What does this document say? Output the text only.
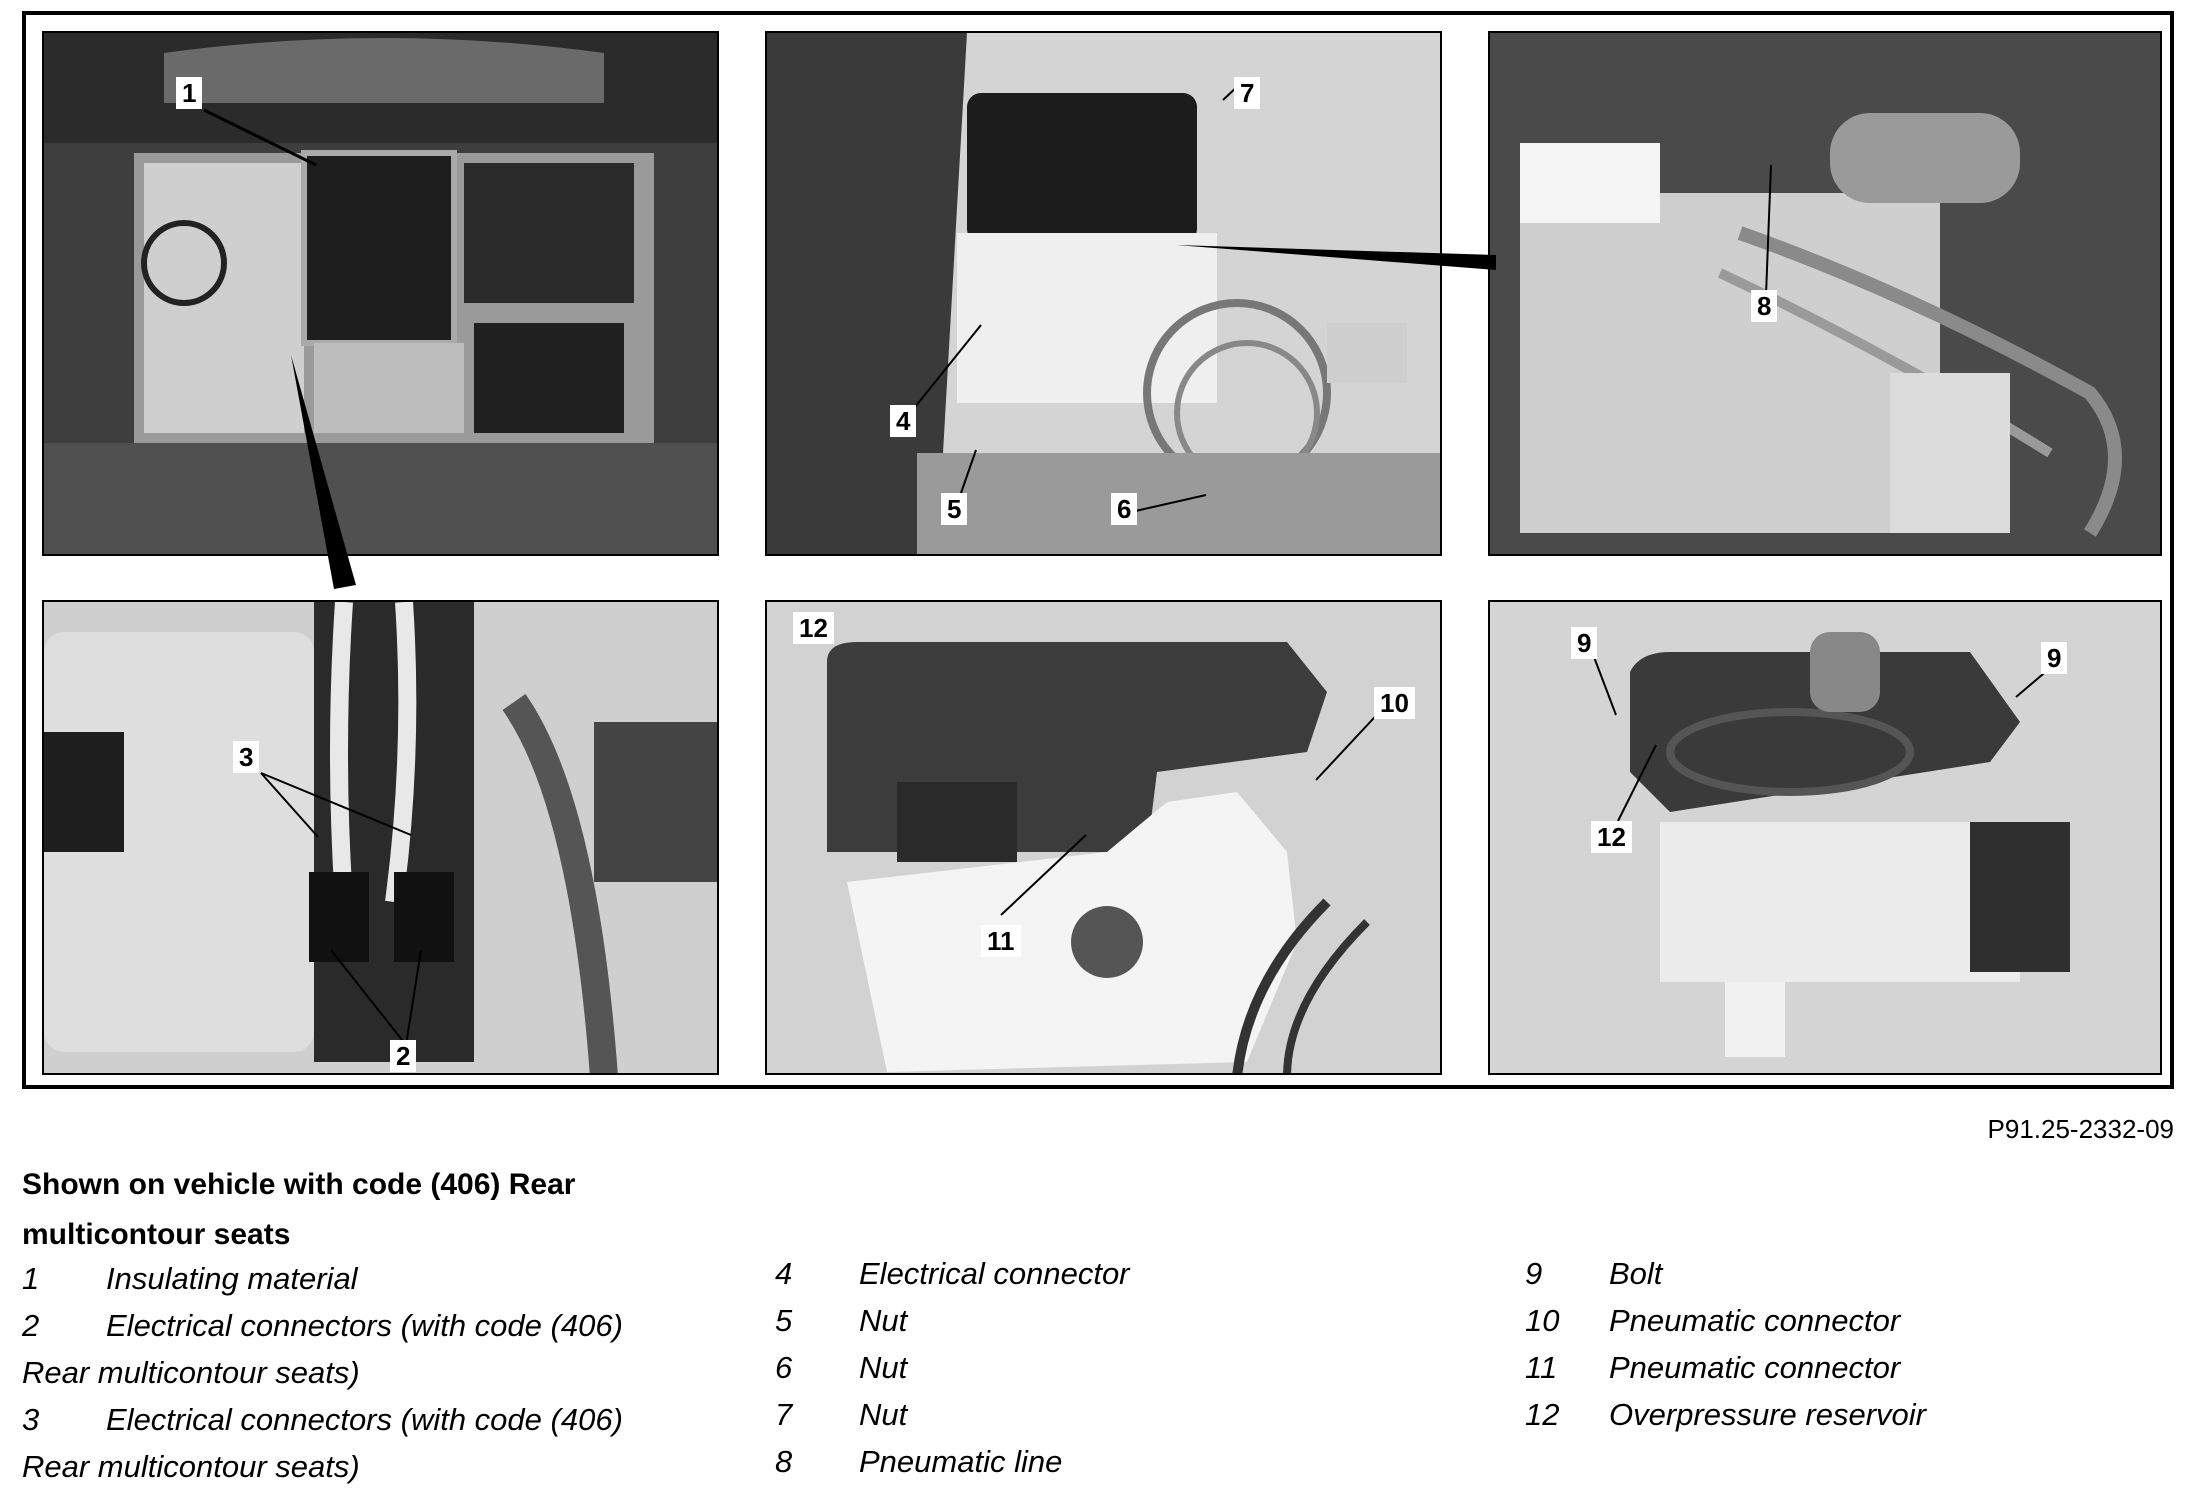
1	7
4
5	6
8
3
2
12
10
11
9	9
12
P91.25-2332-09
Shown on vehicle with code (406) Rear multicontour seats
1 Insulating material
2 Electrical connectors (with code (406)
Rear multicontour seats)
3 Electrical connectors (with code (406)
Rear multicontour seats)
4 Electrical connector
5 Nut
6 Nut
7 Nut
8 Pneumatic line
9 Bolt
10 Pneumatic connector
11 Pneumatic connector
12 Overpressure reservoir
